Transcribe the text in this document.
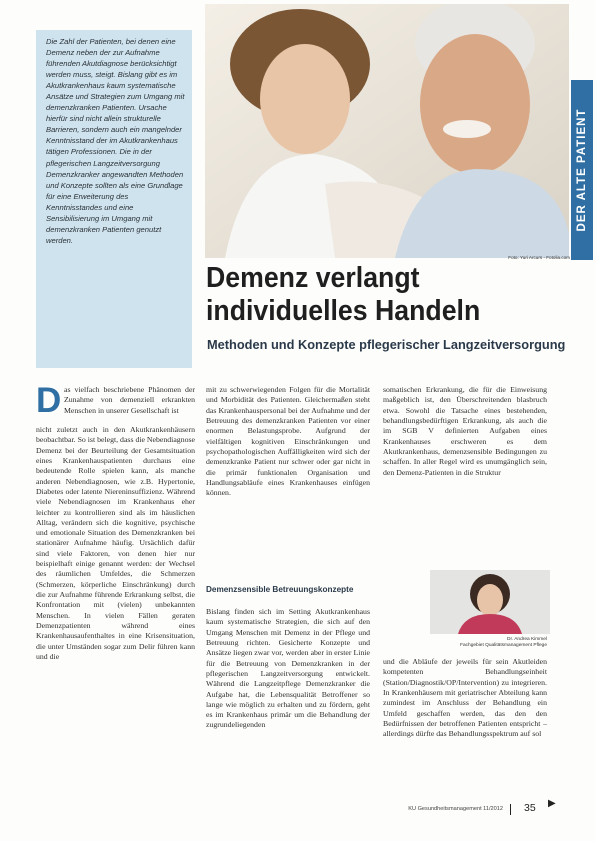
Die Zahl der Patienten, bei denen eine Demenz neben der zur Aufnahme führenden Akutdiagnose berücksichtigt werden muss, steigt. Bislang gibt es im Akutkrankenhaus kaum systematische Ansätze und Strategien zum Umgang mit demenzkranken Patienten. Ursache hierfür sind nicht allein strukturelle Barrieren, sondern auch ein mangelnder Kenntnisstand der im Akutkrankenhaus tätigen Professionen. Die in der pflegerischen Langzeitversorgung Demenzkranker angewandten Methoden und Konzepte sollten als eine Grundlage für eine Erweiterung des Kenntnisstandes und eine Sensibilisierung im Umgang mit demenzkranken Patienten genutzt werden.

Foto: Yuri Arcurs - Fotolia.com
DER ALTE PATIENT
Demenz verlangt individuelles Handeln
Methoden und Konzepte pflegerischer Langzeitversorgung
D as vielfach beschriebene Phänomen der Zunahme von demenziell erkrankten Menschen in unserer Gesellschaft ist

nicht zuletzt auch in den Akutkrankenhäusern beobachtbar. So ist belegt, dass die Nebendiagnose Demenz bei der Beurteilung der Gesamtsituation eines Krankenhauspatienten durchaus eine bedeutende Rolle spielen kann, als manche anderen Nebendiagnosen, wie z.B. Hypertonie, Diabetes oder latente Niereninsuffizienz. Während viele Nebendiagnosen im Krankenhaus eher leichter zu kontrollieren sind als im häuslichen Alltag, verändern sich die kognitive, psychische und emotionale Situation des Demenzkranken bei stationärer Aufnahme häufig. Ursächlich dafür sind viele Faktoren, von denen hier nur beispielhaft einige genannt werden: der Wechsel des räumlichen Umfeldes, die Schmerzen (Schmerzen, körperliche Einschränkung) durch die zur Aufnahme führende Erkrankung selbst, die Konfrontation mit (vielen) unbekannten Menschen. In vielen Fällen geraten Demenzpatienten während eines Krankenhausaufenthaltes in eine Krisensituation, die unter Umständen sogar zum Delir führen kann und die

mit zu schwerwiegenden Folgen für die Mortalität und Morbidität des Patienten. Gleichermaßen steht das Krankenhauspersonal bei der Aufnahme und der Betreuung des demenzkranken Patienten vor einer enormen Belastungsprobe. Aufgrund der vielfältigen kognitiven Einschränkungen und psychopathologischen Auffälligkeiten wird sich der demenzkranke Patient nur schwer oder gar nicht in die primär funktionalen Organisation und Handlungsabläufe eines Krankenhauses einfügen können.

Demenzsensible Betreuungskonzepte

Bislang finden sich im Setting Akutkrankenhaus kaum systematische Strategien, die sich auf den Umgang Menschen mit Demenz in der Pflege und Betreuung richten. Gesicherte Konzepte und Ansätze liegen zwar vor, werden aber in erster Linie für die Betreuung von Demenzkranken in der pflegerischen Langzeitversorgung entwickelt. Während die Langzeitpflege Demenzkranker die Aufgabe hat, die Lebensqualität Betroffener so lange wie möglich zu erhalten und zu fördern, geht es im Krankenhaus primär um die Behandlung der zugrundeliegenden

somatischen Erkrankung, die für die Einweisung maßgeblich ist, den Überschreitenden blasbruch etwa. Sowohl die Tatsache eines bestehenden, behandlungsbedürftigen Erkrankung, als auch die im SGB V definierten Aufgaben eines Krankenhauses erschweren es dem Akutkrankenhaus, demenzsensible Bedingungen zu schaffen. In aller Regel wird es unumgänglich sein, den Demenz-Patienten in die Struktur

Dr. Andrea Kimmel
Fachgebiet Qualitätsmanagement Pflege

und die Abläufe der jeweils für sein Akutleiden kompetenten Behandlungseinheit (Station/Diagnostik/OP/Intervention) zu integrieren. In Krankenhäusern mit geriatrischer Abteilung kann zumindest im Anschluss der Behandlung ein Umfeld geschaffen werden, das den den Bedürfnissen der betroffenen Patienten entspricht – allerdings dürfte das Behandlungsspektrum auf sol

▶
KU Gesundheitsmanagement 11/2012 35
